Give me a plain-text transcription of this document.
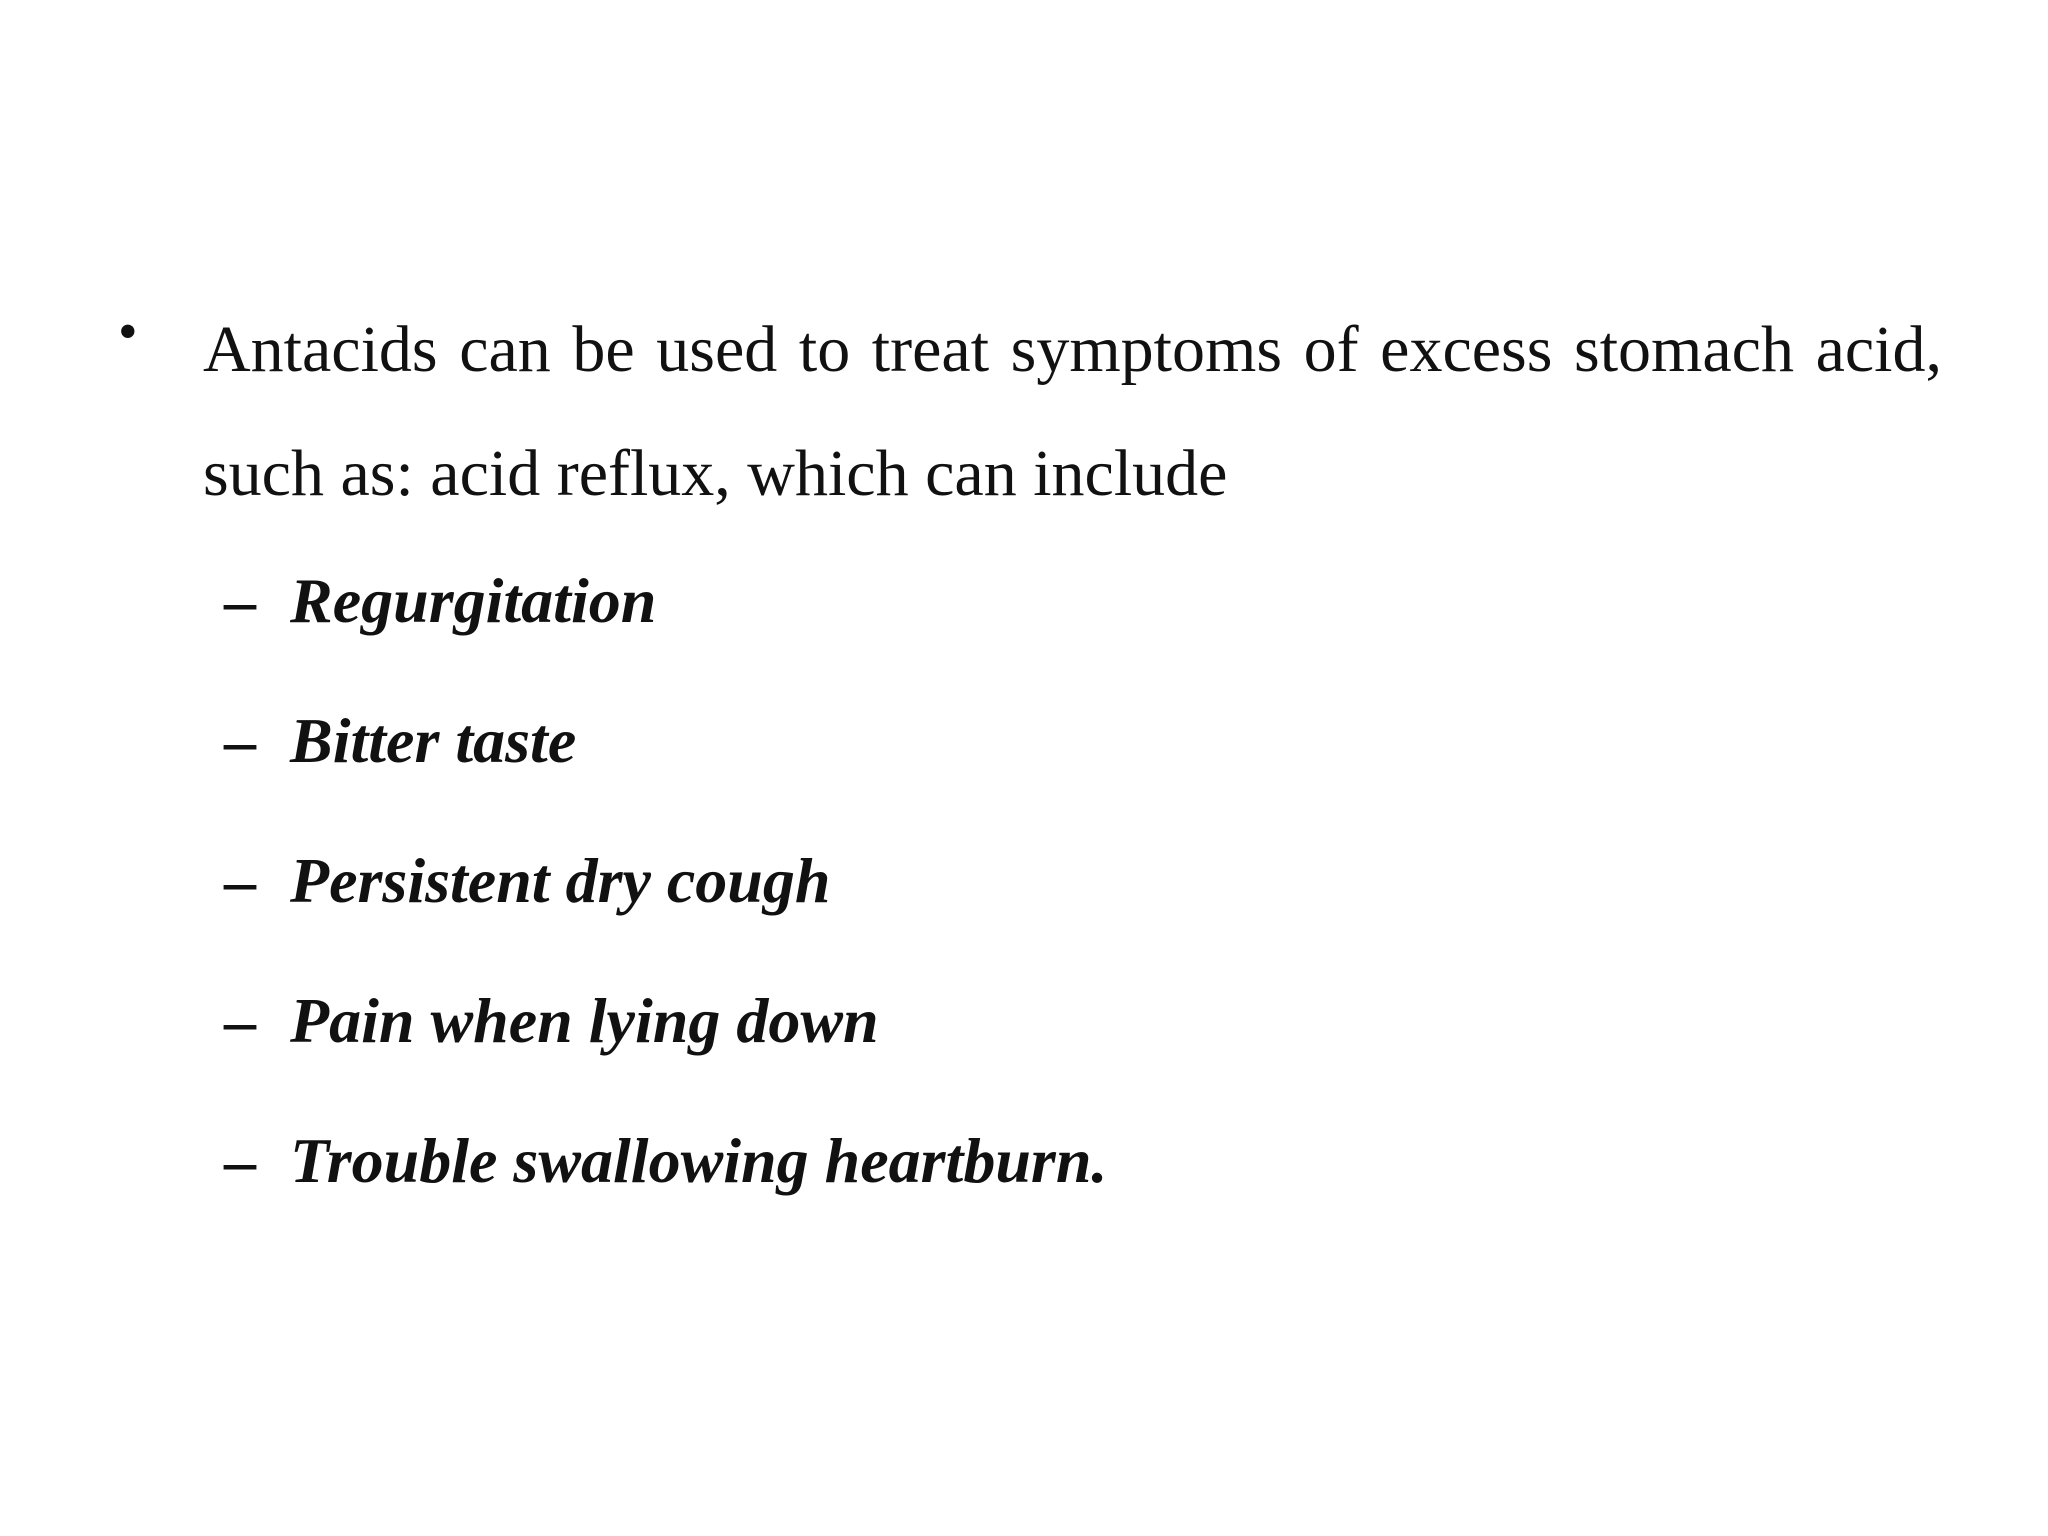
• Antacids can be used to treat symptoms of excess stomach acid, such as: acid reflux, which can include

– Regurgitation
– Bitter taste
– Persistent dry cough
– Pain when lying down
– Trouble swallowing heartburn.
